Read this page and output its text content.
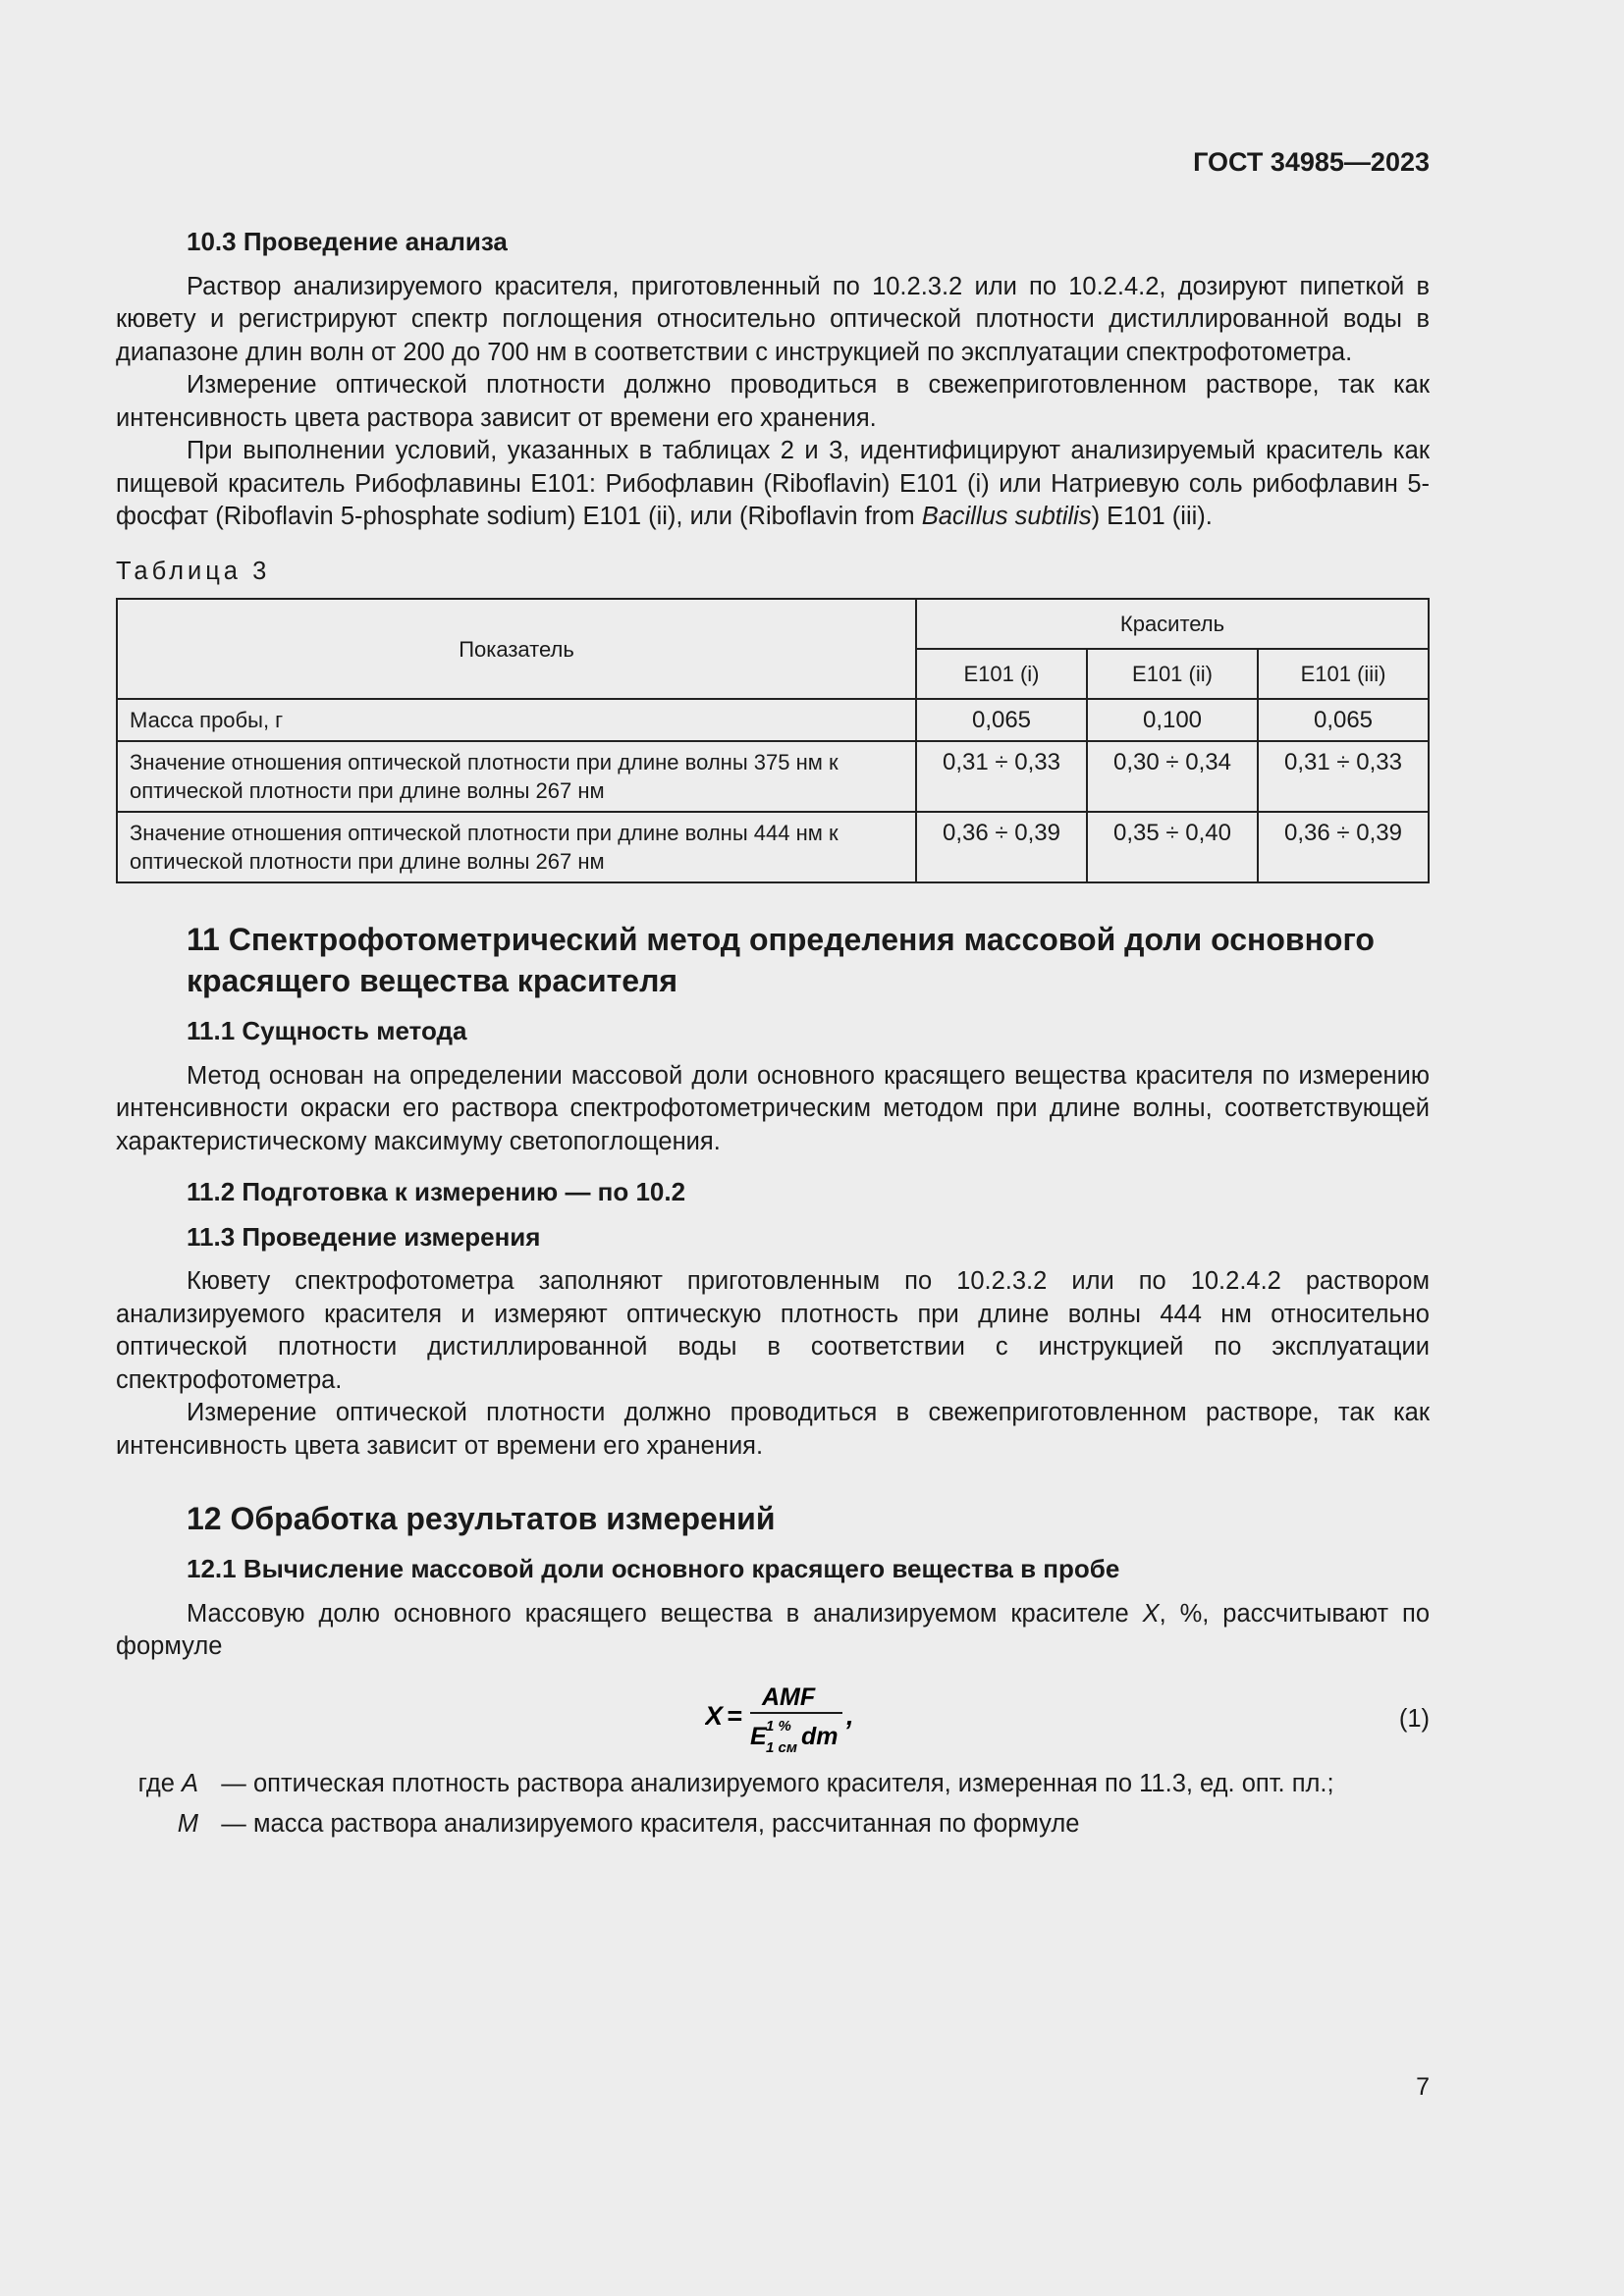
ГОСТ 34985—2023
10.3 Проведение анализа

Раствор анализируемого красителя, приготовленный по 10.2.3.2 или по 10.2.4.2, дозируют пипеткой в кювету и регистрируют спектр поглощения относительно оптической плотности дистиллированной воды в диапазоне длин волн от 200 до 700 нм в соответствии с инструкцией по эксплуатации спектрофотометра.

Измерение оптической плотности должно проводиться в свежеприготовленном растворе, так как интенсивность цвета раствора зависит от времени его хранения.

При выполнении условий, указанных в таблицах 2 и 3, идентифицируют анализируемый краситель как пищевой краситель Рибофлавины E101: Рибофлавин (Riboflavin) E101 (i) или Натриевую соль рибофлавин 5-фосфат (Riboflavin 5-phosphate sodium) E101 (ii), или (Riboflavin from Bacillus subtilis) E101 (iii).

Таблица 3
Показатель	Краситель		
	E101 (i)	E101 (ii)	E101 (iii)
Масса пробы, г	0,065	0,100	0,065
Значение отношения оптической плотности при длине волны 375 нм к оптической плотности при длине волны 267 нм	0,31 ÷ 0,33	0,30 ÷ 0,34	0,31 ÷ 0,33
Значение отношения оптической плотности при длине волны 444 нм к оптической плотности при длине волны 267 нм	0,36 ÷ 0,39	0,35 ÷ 0,40	0,36 ÷ 0,39
11 Спектрофотометрический метод определения массовой доли основного красящего вещества красителя
11.1 Сущность метода

Метод основан на определении массовой доли основного красящего вещества красителя по измерению интенсивности окраски его раствора спектрофотометрическим методом при длине волны, соответствующей характеристическому максимуму светопоглощения.

11.2 Подготовка к измерению — по 10.2
11.3 Проведение измерения

Кювету спектрофотометра заполняют приготовленным по 10.2.3.2 или по 10.2.4.2 раствором анализируемого красителя и измеряют оптическую плотность при длине волны 444 нм относительно оптической плотности дистиллированной воды в соответствии с инструкцией по эксплуатации спектрофотометра.

Измерение оптической плотности должно проводиться в свежеприготовленном растворе, так как интенсивность цвета зависит от времени его хранения.

12 Обработка результатов измерений
12.1 Вычисление массовой доли основного красящего вещества в пробе

Массовую долю основного красящего вещества в анализируемом красителе X, %, рассчитывают по формуле

X =
AMF
E 1 %
1 см dm
,	(1)
где A — оптическая плотность раствора анализируемого красителя, измеренная по 11.3, ед. опт. пл.;
M — масса раствора анализируемого красителя, рассчитанная по формуле
7
